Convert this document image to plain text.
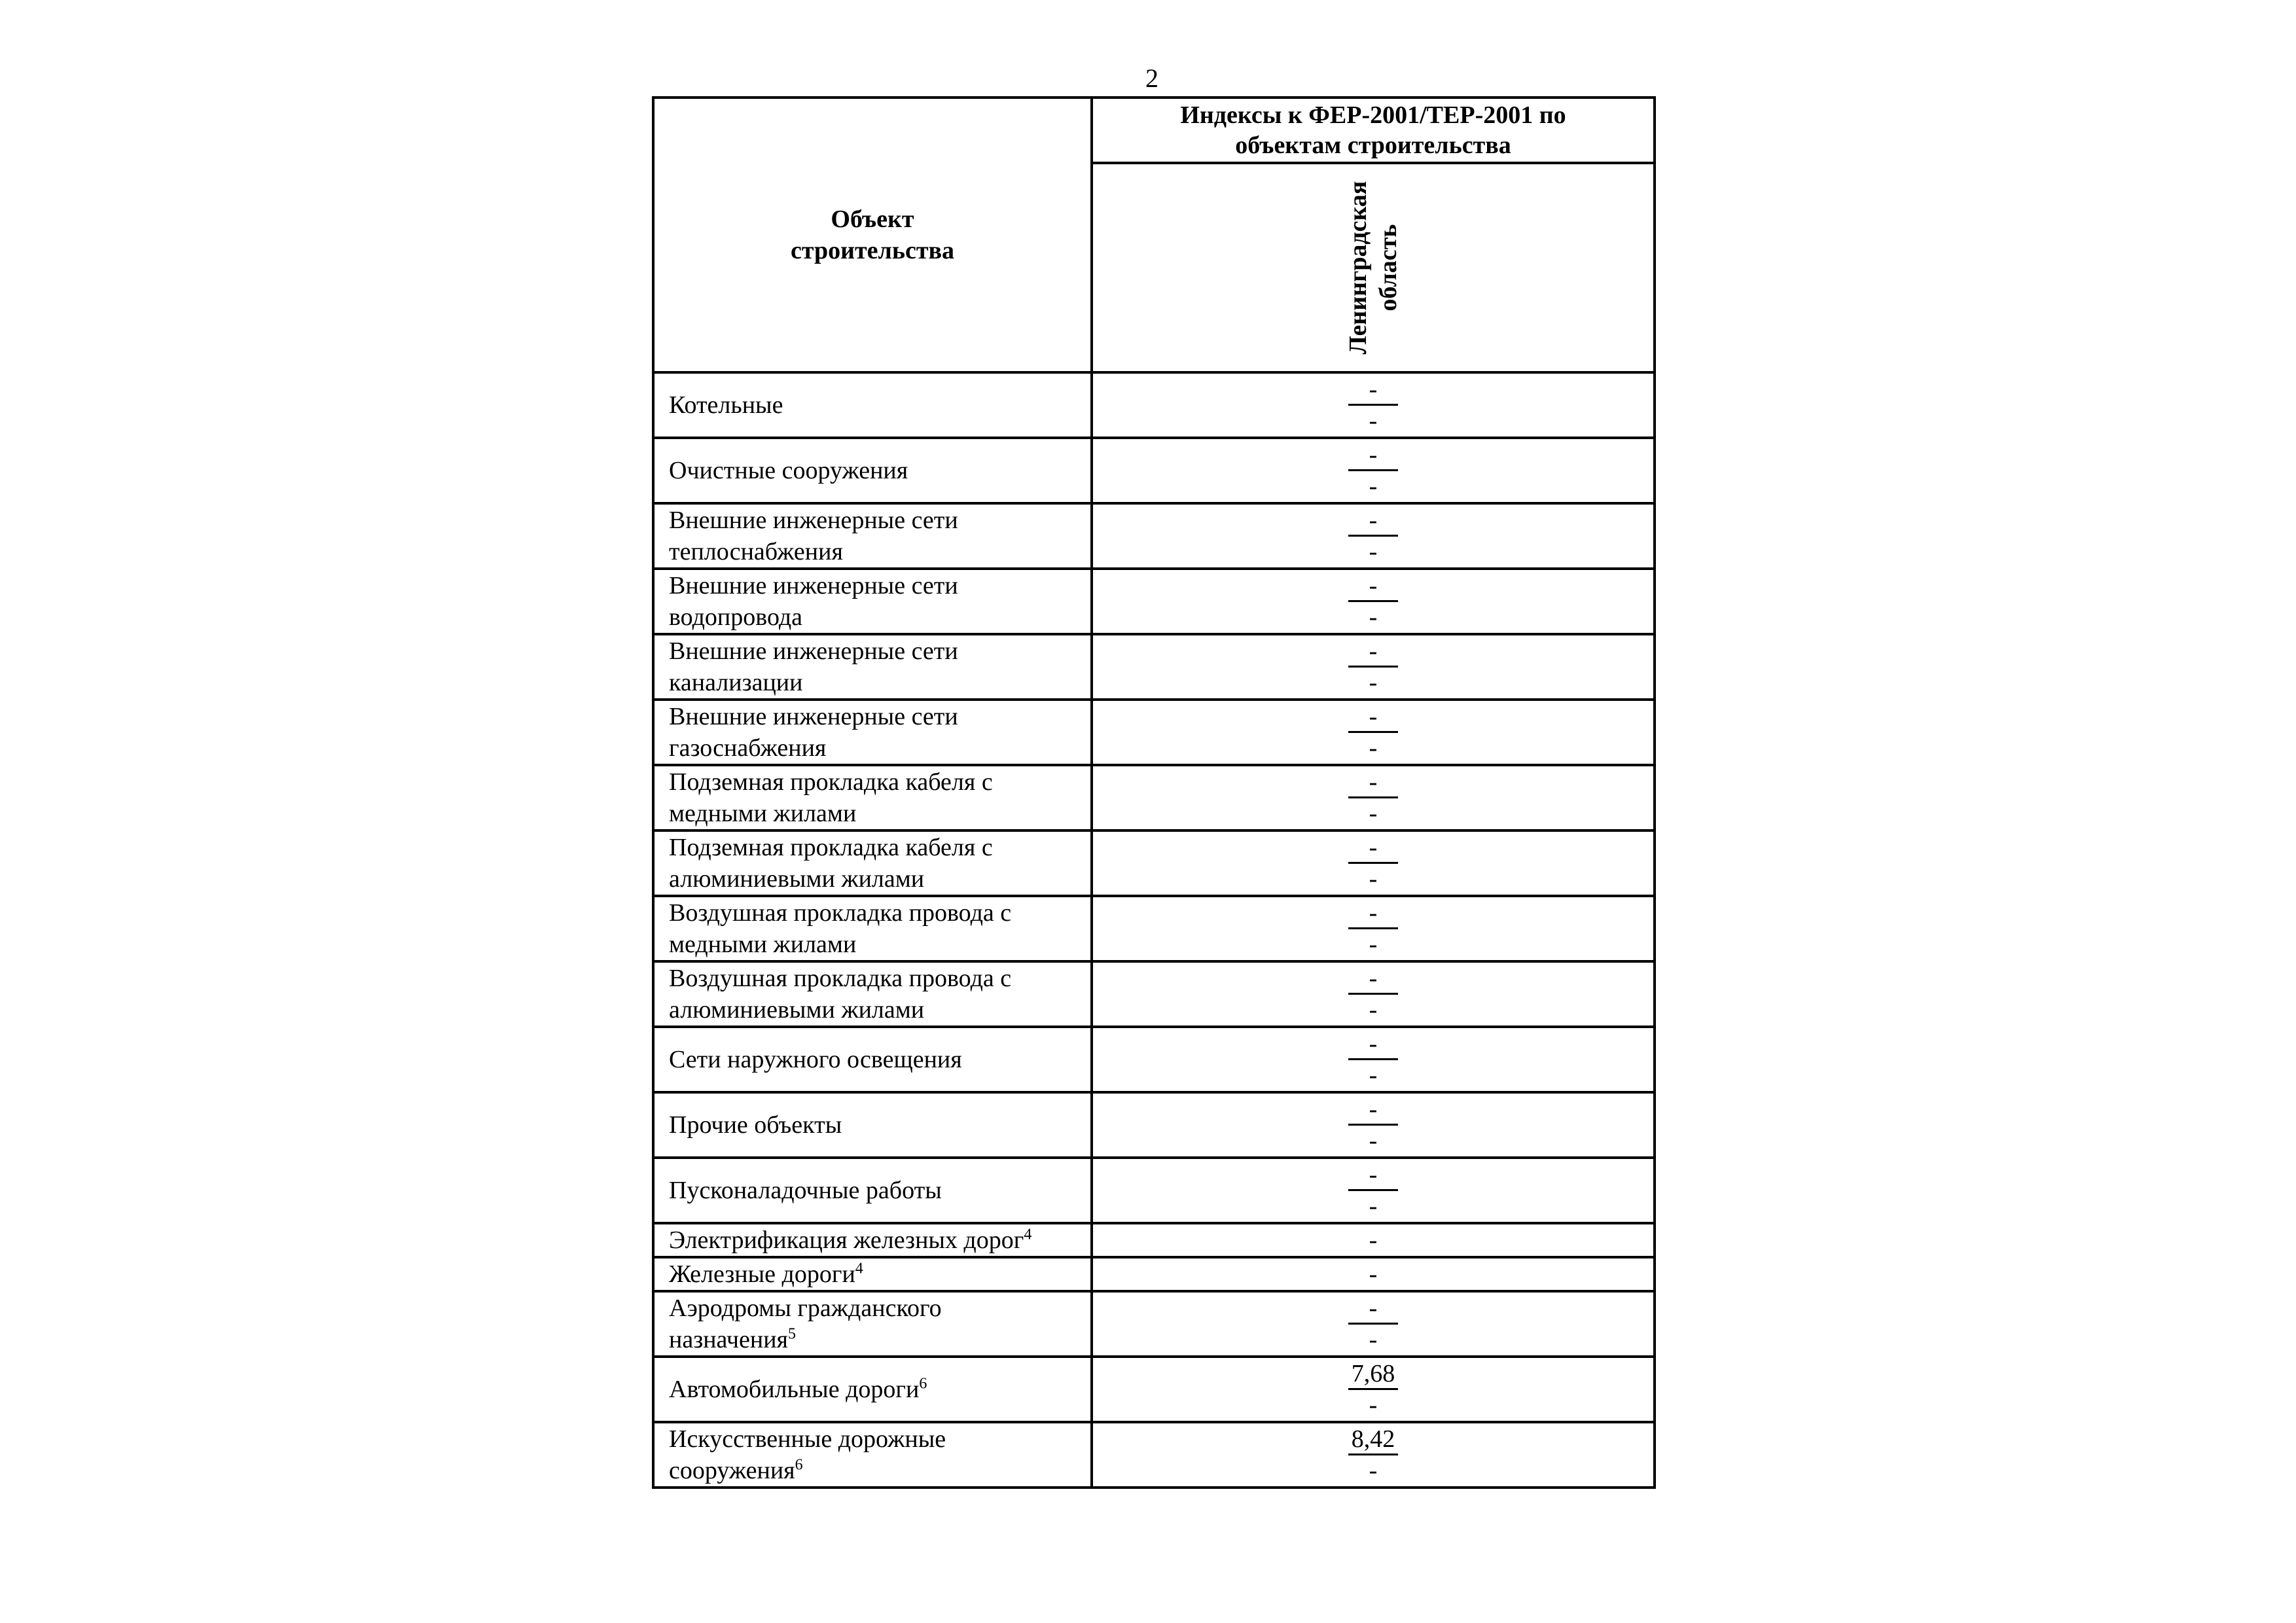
2
Объект
строительства	Индексы к ФЕР-2001/ТЕР-2001 по
объектам строительства

	Ленинградская область

Котельные	$\frac{-}{-}$

Очистные сооружения	$\frac{-}{-}$

Внешние инженерные сети
теплоснабжения	$\frac{-}{-}$

Внешние инженерные сети
водопровода	$\frac{-}{-}$

Внешние инженерные сети
канализации	$\frac{-}{-}$

Внешние инженерные сети
газоснабжения	$\frac{-}{-}$

Подземная прокладка кабеля с
медными жилами	$\frac{-}{-}$

Подземная прокладка кабеля с
алюминиевыми жилами	$\frac{-}{-}$

Воздушная прокладка провода с
медными жилами	$\frac{-}{-}$

Воздушная прокладка провода с
алюминиевыми жилами	$\frac{-}{-}$

Сети наружного освещения	$\frac{-}{-}$

Прочие объекты	$\frac{-}{-}$

Пусконаладочные работы	$\frac{-}{-}$

Электрификация железных дорог$^4$	-

Железные дороги$^4$	-

Аэродромы гражданского
назначения$^5$	$\frac{-}{-}$

Автомобильные дороги$^6$	$\frac{7,68}{-}$

Искусственные дорожные
сооружения$^6$	$\frac{8,42}{-}$
